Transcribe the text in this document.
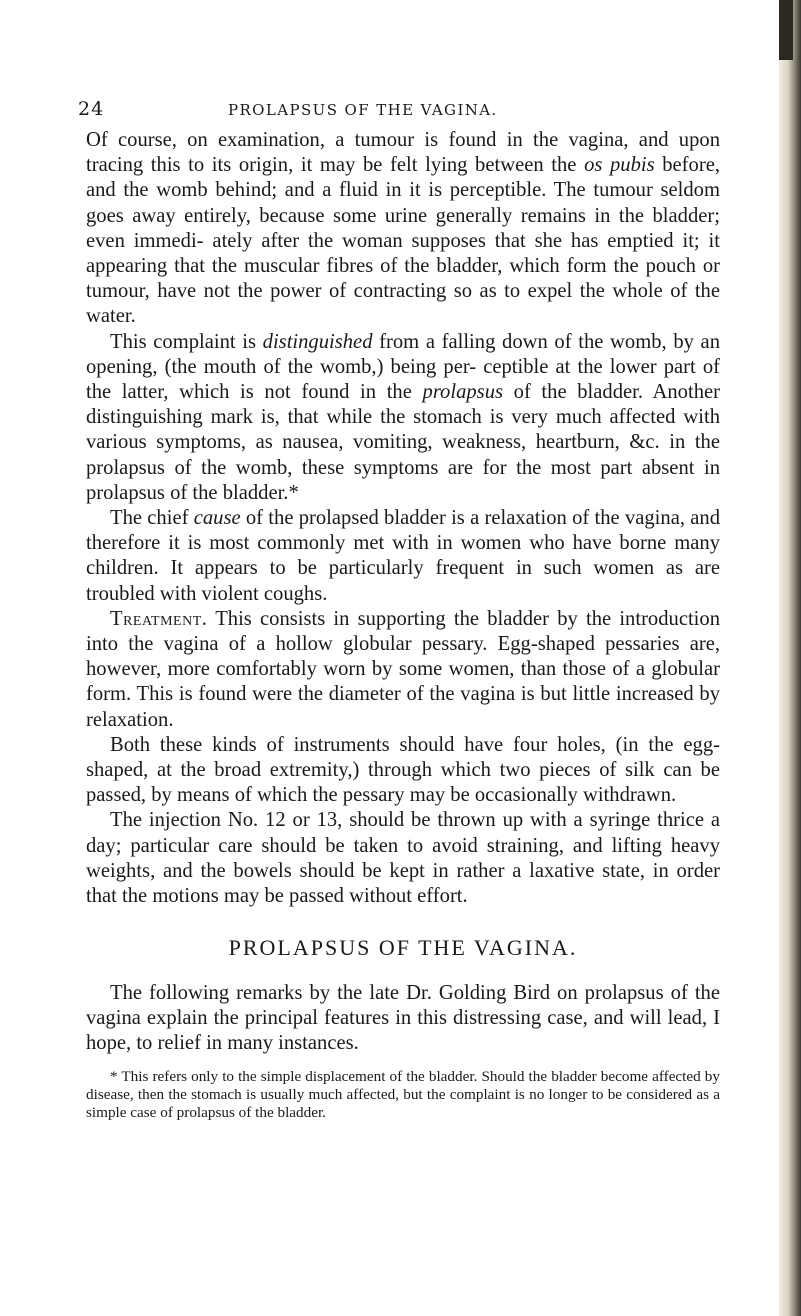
24	PROLAPSUS OF THE VAGINA.

Of course, on examination, a tumour is found in the vagina, and upon tracing this to its origin, it may be felt lying between the os pubis before, and the womb behind; and a fluid in it is perceptible. The tumour seldom goes away entirely, because some urine generally remains in the bladder; even immedi- ately after the woman supposes that she has emptied it; it appearing that the muscular fibres of the bladder, which form the pouch or tumour, have not the power of contracting so as to expel the whole of the water.

This complaint is distinguished from a falling down of the womb, by an opening, (the mouth of the womb,) being per- ceptible at the lower part of the latter, which is not found in the prolapsus of the bladder. Another distinguishing mark is, that while the stomach is very much affected with various symptoms, as nausea, vomiting, weakness, heartburn, &c. in the prolapsus of the womb, these symptoms are for the most part absent in prolapsus of the bladder.*

The chief cause of the prolapsed bladder is a relaxation of the vagina, and therefore it is most commonly met with in women who have borne many children. It appears to be particularly frequent in such women as are troubled with violent coughs.

Treatment. This consists in supporting the bladder by the introduction into the vagina of a hollow globular pessary. Egg-shaped pessaries are, however, more comfortably worn by some women, than those of a globular form. This is found were the diameter of the vagina is but little increased by relaxation.

Both these kinds of instruments should have four holes, (in the egg-shaped, at the broad extremity,) through which two pieces of silk can be passed, by means of which the pessary may be occasionally withdrawn.

The injection No. 12 or 13, should be thrown up with a syringe thrice a day; particular care should be taken to avoid straining, and lifting heavy weights, and the bowels should be kept in rather a laxative state, in order that the motions may be passed without effort.

PROLAPSUS OF THE VAGINA.

The following remarks by the late Dr. Golding Bird on prolapsus of the vagina explain the principal features in this distressing case, and will lead, I hope, to relief in many instances.

* This refers only to the simple displacement of the bladder. Should the bladder become affected by disease, then the stomach is usually much affected, but the complaint is no longer to be considered as a simple case of prolapsus of the bladder.
